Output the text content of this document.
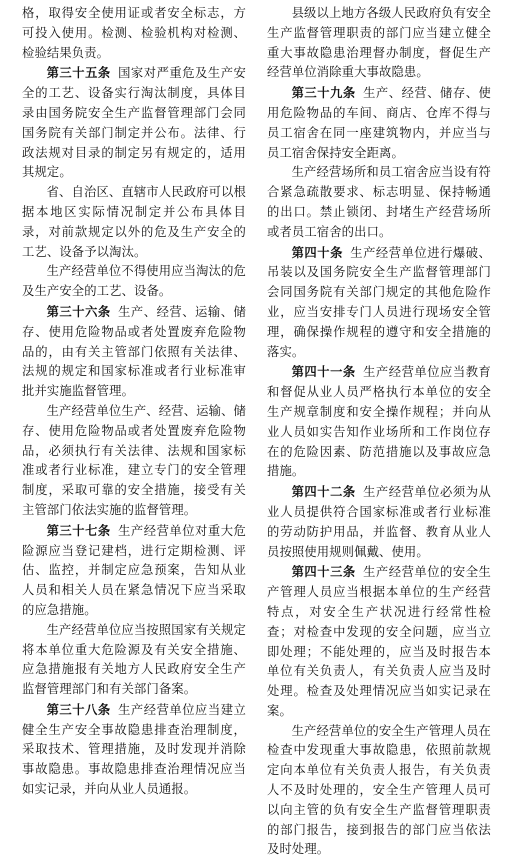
格，取得安全使用证或者安全标志，方可投入使用。检测、检验机构对检测、检验结果负责。

第三十五条 国家对严重危及生产安全的工艺、设备实行淘汰制度，具体目录由国务院安全生产监督管理部门会同国务院有关部门制定并公布。法律、行政法规对目录的制定另有规定的，适用其规定。

省、自治区、直辖市人民政府可以根据本地区实际情况制定并公布具体目录，对前款规定以外的危及生产安全的工艺、设备予以淘汰。

生产经营单位不得使用应当淘汰的危及生产安全的工艺、设备。

第三十六条 生产、经营、运输、储存、使用危险物品或者处置废弃危险物品的，由有关主管部门依照有关法律、法规的规定和国家标准或者行业标准审批并实施监督管理。

生产经营单位生产、经营、运输、储存、使用危险物品或者处置废弃危险物品，必须执行有关法律、法规和国家标准或者行业标准，建立专门的安全管理制度，采取可靠的安全措施，接受有关主管部门依法实施的监督管理。

第三十七条 生产经营单位对重大危险源应当登记建档，进行定期检测、评估、监控，并制定应急预案，告知从业人员和相关人员在紧急情况下应当采取的应急措施。

生产经营单位应当按照国家有关规定将本单位重大危险源及有关安全措施、应急措施报有关地方人民政府安全生产监督管理部门和有关部门备案。

第三十八条 生产经营单位应当建立健全生产安全事故隐患排查治理制度，采取技术、管理措施，及时发现并消除事故隐患。事故隐患排查治理情况应当如实记录，并向从业人员通报。

县级以上地方各级人民政府负有安全生产监督管理职责的部门应当建立健全重大事故隐患治理督办制度，督促生产经营单位消除重大事故隐患。

第三十九条 生产、经营、储存、使用危险物品的车间、商店、仓库不得与员工宿舍在同一座建筑物内，并应当与员工宿舍保持安全距离。

生产经营场所和员工宿舍应当设有符合紧急疏散要求、标志明显、保持畅通的出口。禁止锁闭、封堵生产经营场所或者员工宿舍的出口。

第四十条 生产经营单位进行爆破、吊装以及国务院安全生产监督管理部门会同国务院有关部门规定的其他危险作业，应当安排专门人员进行现场安全管理，确保操作规程的遵守和安全措施的落实。

第四十一条 生产经营单位应当教育和督促从业人员严格执行本单位的安全生产规章制度和安全操作规程；并向从业人员如实告知作业场所和工作岗位存在的危险因素、防范措施以及事故应急措施。

第四十二条 生产经营单位必须为从业人员提供符合国家标准或者行业标准的劳动防护用品，并监督、教育从业人员按照使用规则佩戴、使用。

第四十三条 生产经营单位的安全生产管理人员应当根据本单位的生产经营特点，对安全生产状况进行经常性检查；对检查中发现的安全问题，应当立即处理；不能处理的，应当及时报告本单位有关负责人，有关负责人应当及时处理。检查及处理情况应当如实记录在案。

生产经营单位的安全生产管理人员在检查中发现重大事故隐患，依照前款规定向本单位有关负责人报告，有关负责人不及时处理的，安全生产管理人员可以向主管的负有安全生产监督管理职责的部门报告，接到报告的部门应当依法及时处理。
